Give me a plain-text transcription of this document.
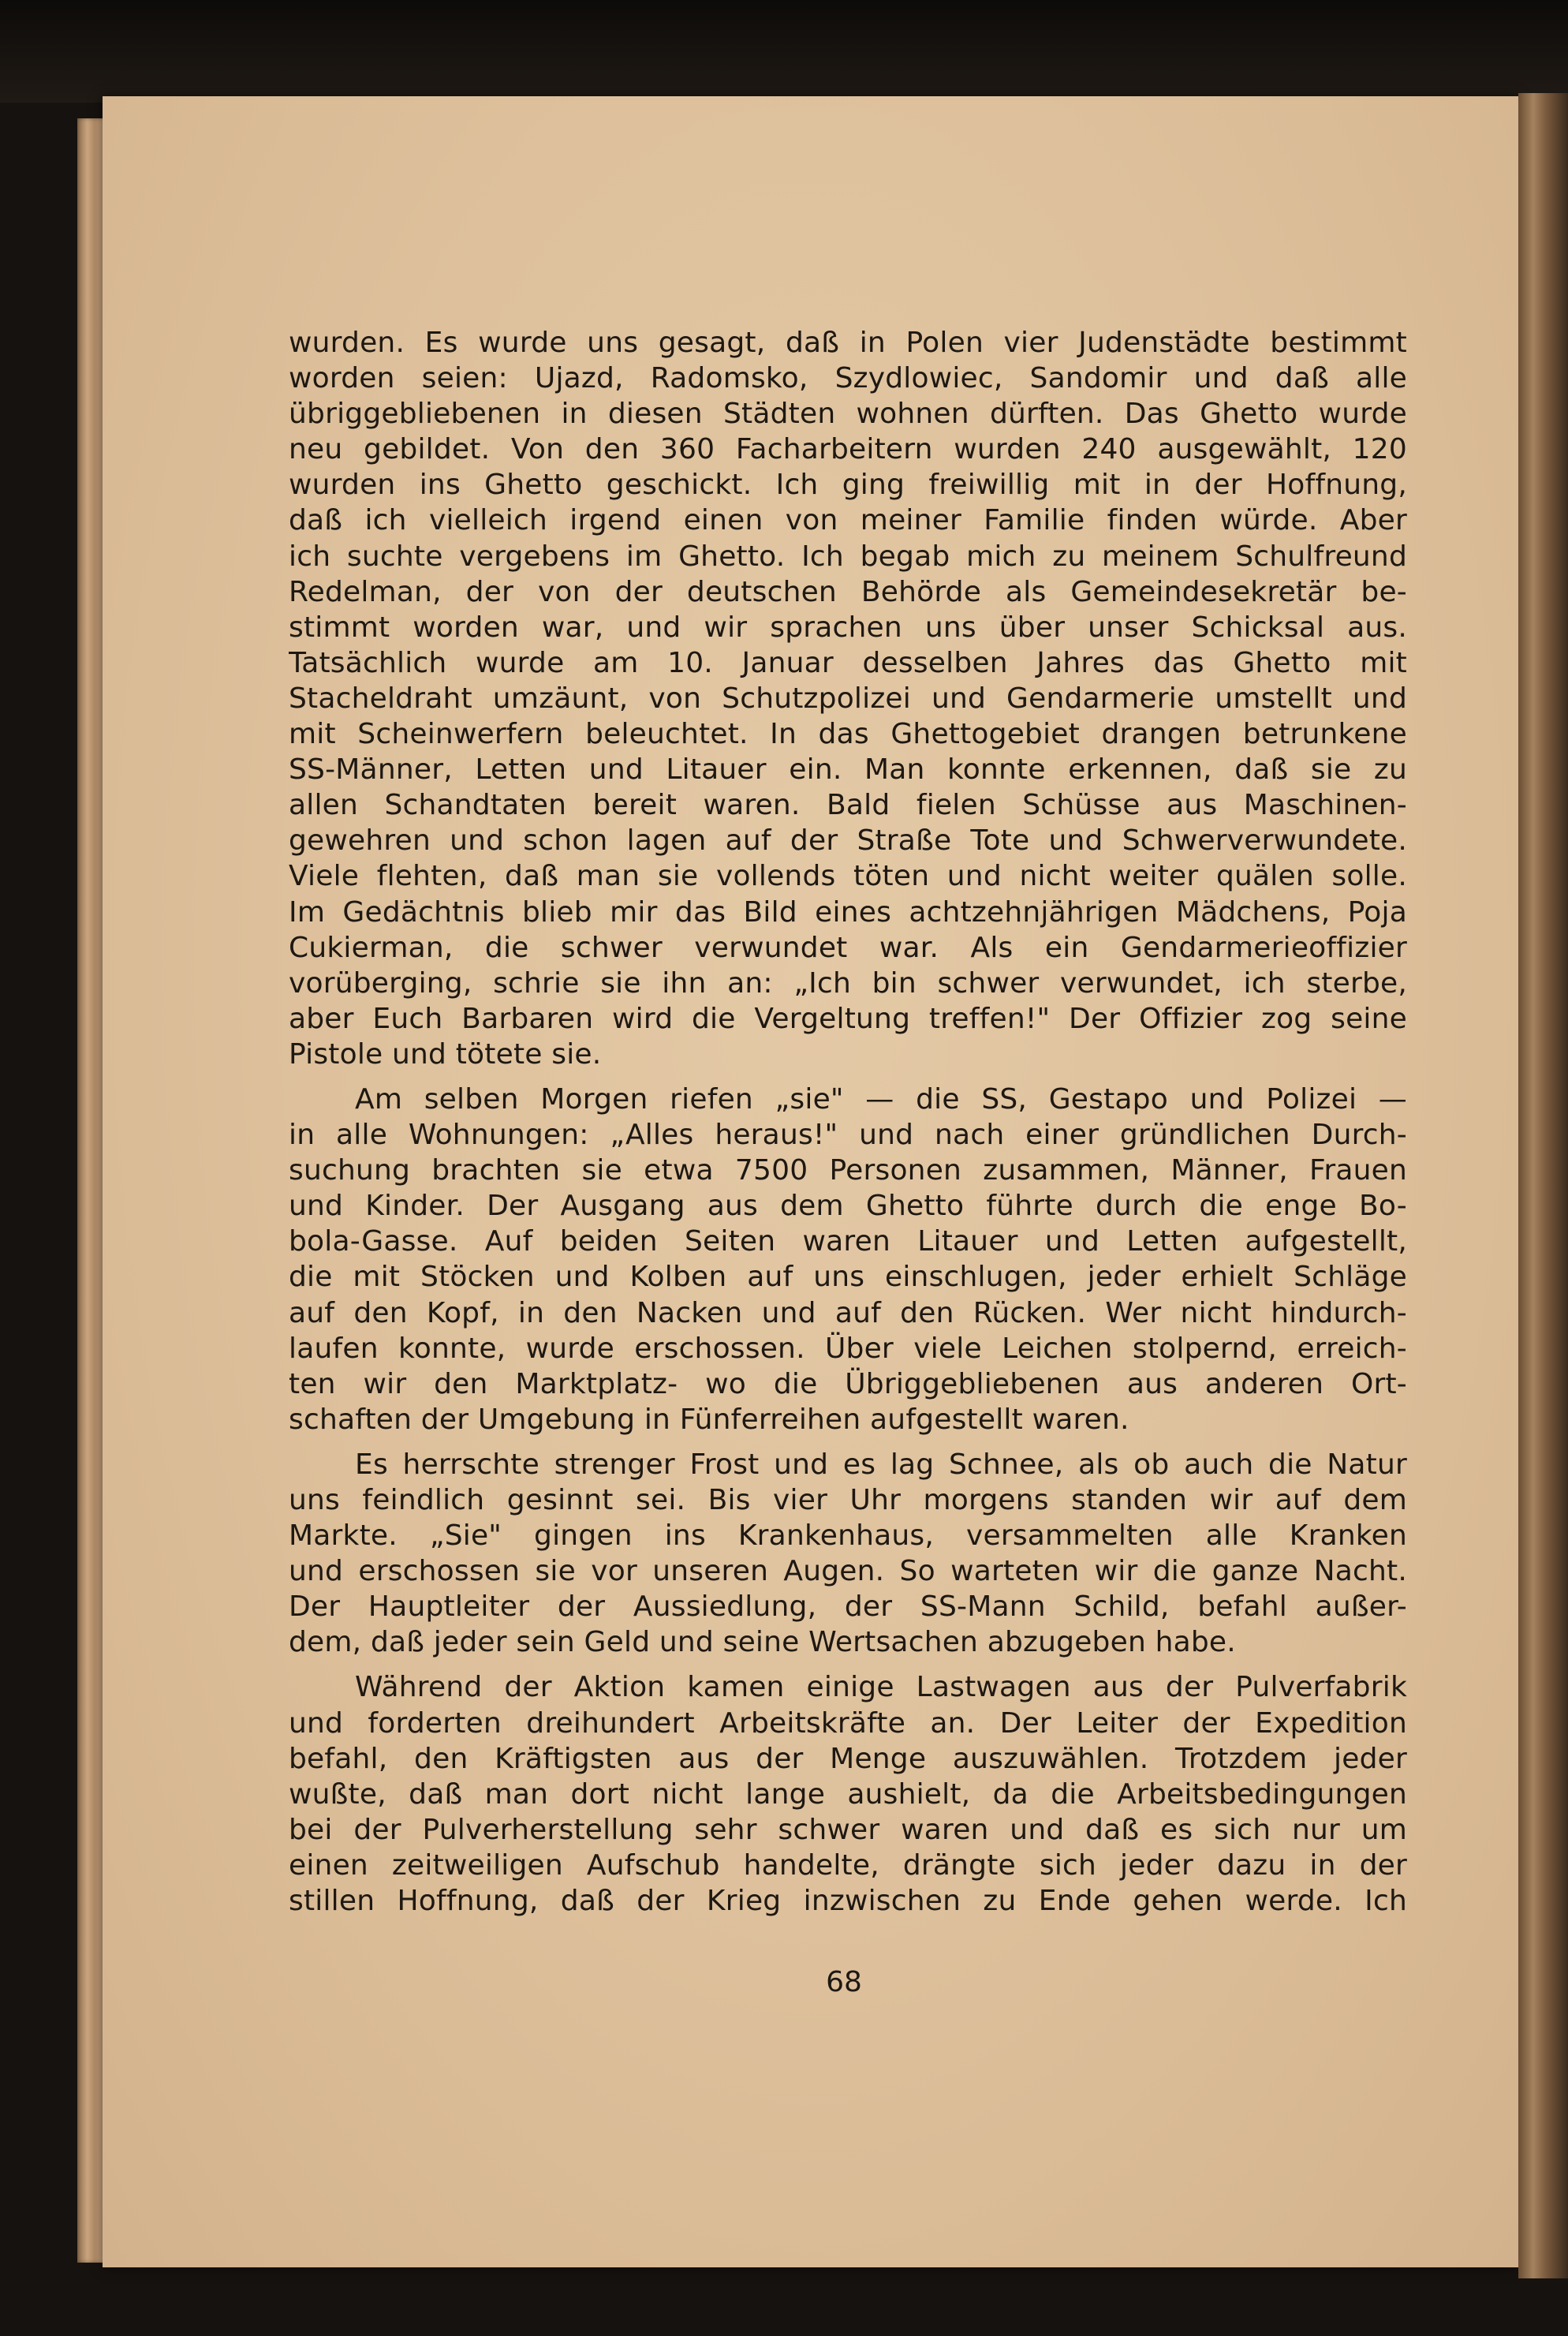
wurden. Es wurde uns gesagt, daß in Polen vier Judenstädte bestimmt
worden seien: Ujazd, Radomsko, Szydlowiec, Sandomir und daß alle
übriggebliebenen in diesen Städten wohnen dürften. Das Ghetto wurde
neu gebildet. Von den 360 Facharbeitern wurden 240 ausgewählt, 120
wurden ins Ghetto geschickt. Ich ging freiwillig mit in der Hoffnung,
daß ich vielleich irgend einen von meiner Familie finden würde. Aber
ich suchte vergebens im Ghetto. Ich begab mich zu meinem Schulfreund
Redelman, der von der deutschen Behörde als Gemeindesekretär be-
stimmt worden war, und wir sprachen uns über unser Schicksal aus.
Tatsächlich wurde am 10. Januar desselben Jahres das Ghetto mit
Stacheldraht umzäunt, von Schutzpolizei und Gendarmerie umstellt und
mit Scheinwerfern beleuchtet. In das Ghettogebiet drangen betrunkene
SS-Männer, Letten und Litauer ein. Man konnte erkennen, daß sie zu
allen Schandtaten bereit waren. Bald fielen Schüsse aus Maschinen-
gewehren und schon lagen auf der Straße Tote und Schwerverwundete.
Viele flehten, daß man sie vollends töten und nicht weiter quälen solle.
Im Gedächtnis blieb mir das Bild eines achtzehnjährigen Mädchens, Poja
Cukierman, die schwer verwundet war. Als ein Gendarmerieoffizier
vorüberging, schrie sie ihn an: „Ich bin schwer verwundet, ich sterbe,
aber Euch Barbaren wird die Vergeltung treffen!" Der Offizier zog seine
Pistole und tötete sie.
Am selben Morgen riefen „sie" — die SS, Gestapo und Polizei —
in alle Wohnungen: „Alles heraus!" und nach einer gründlichen Durch-
suchung brachten sie etwa 7500 Personen zusammen, Männer, Frauen
und Kinder. Der Ausgang aus dem Ghetto führte durch die enge Bo-
bola-Gasse. Auf beiden Seiten waren Litauer und Letten aufgestellt,
die mit Stöcken und Kolben auf uns einschlugen, jeder erhielt Schläge
auf den Kopf, in den Nacken und auf den Rücken. Wer nicht hindurch-
laufen konnte, wurde erschossen. Über viele Leichen stolpernd, erreich-
ten wir den Marktplatz- wo die Übriggebliebenen aus anderen Ort-
schaften der Umgebung in Fünferreihen aufgestellt waren.
Es herrschte strenger Frost und es lag Schnee, als ob auch die Natur
uns feindlich gesinnt sei. Bis vier Uhr morgens standen wir auf dem
Markte. „Sie" gingen ins Krankenhaus, versammelten alle Kranken
und erschossen sie vor unseren Augen. So warteten wir die ganze Nacht.
Der Hauptleiter der Aussiedlung, der SS-Mann Schild, befahl außer-
dem, daß jeder sein Geld und seine Wertsachen abzugeben habe.
Während der Aktion kamen einige Lastwagen aus der Pulverfabrik
und forderten dreihundert Arbeitskräfte an. Der Leiter der Expedition
befahl, den Kräftigsten aus der Menge auszuwählen. Trotzdem jeder
wußte, daß man dort nicht lange aushielt, da die Arbeitsbedingungen
bei der Pulverherstellung sehr schwer waren und daß es sich nur um
einen zeitweiligen Aufschub handelte, drängte sich jeder dazu in der
stillen Hoffnung, daß der Krieg inzwischen zu Ende gehen werde. Ich
68
